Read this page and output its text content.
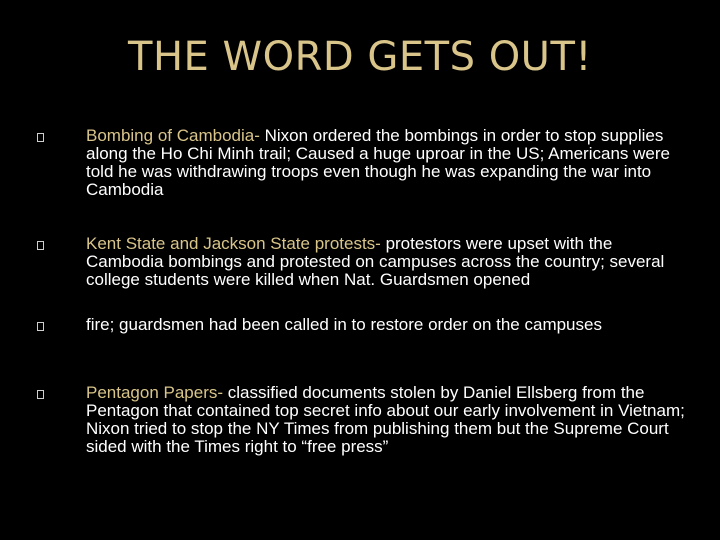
THE WORD GETS OUT!
Bombing of Cambodia- Nixon ordered the bombings in order to stop supplies along the Ho Chi Minh trail; Caused a huge uproar in the US; Americans were told he was withdrawing troops even though he was expanding the war into Cambodia
Kent State and Jackson State protests- protestors were upset with the Cambodia bombings and protested on campuses across the country; several college students were killed when Nat. Guardsmen opened
fire; guardsmen had been called in to restore order on the campuses
Pentagon Papers- classified documents stolen by Daniel Ellsberg from the Pentagon that contained top secret info about our early involvement in Vietnam; Nixon tried to stop the NY Times from publishing them but the Supreme Court sided with the Times right to “free press”
